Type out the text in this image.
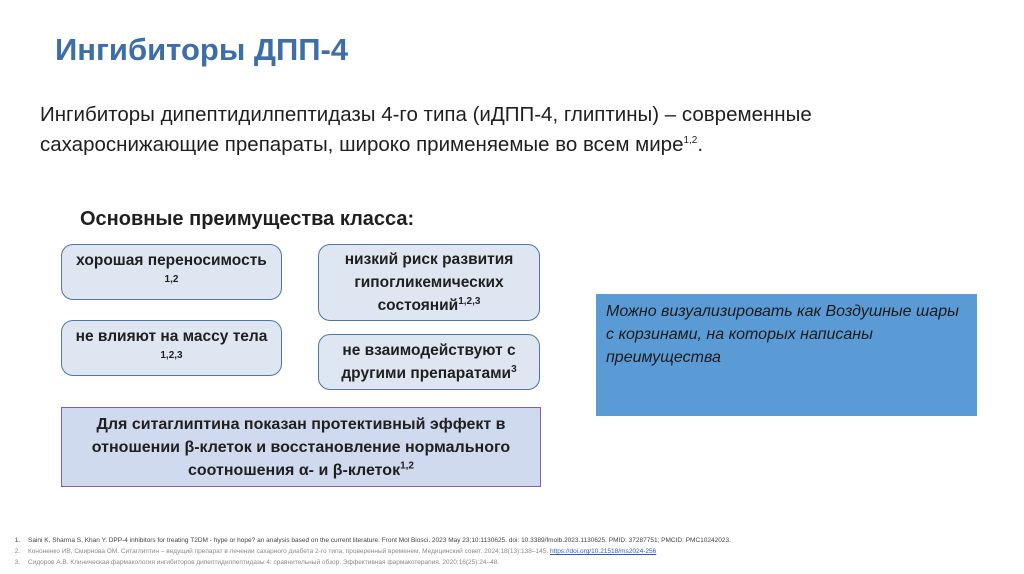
Ингибиторы ДПП-4
Ингибиторы дипептидилпептидазы 4-го типа (иДПП-4, глиптины) – современные
сахароснижающие препараты, широко применяемые во всем мире$^{1,2}$.
Основные преимущества класса:
хорошая переносимость $^{1,2}$
низкий риск развития гипогликемических состояний$^{1,2,3}$
не влияют на массу тела $^{1,2,3}$	не взаимодействуют с другими препаратами$^3$
Для ситаглиптина показан протективный эффект в отношении β-клеток и восстановление нормального соотношения α- и β-клеток$^{1,2}$
Можно визуализировать как Воздушные шары с корзинами, на которых написаны преимущества
1.	Saini K, Sharma S, Khan Y. DPP-4 inhibitors for treating T2DM - hype or hope? an analysis based on the current literature. Front Mol Biosci. 2023 May 23;10:1130625. doi: 10.3389/fmolb.2023.1130625. PMID: 37287751; PMCID: PMC10242023.
2.	Кононенко ИВ, Смирнова ОМ. Ситаглиптин – ведущий препарат в лечении сахарного диабета 2-го типа, проверенный временем. Медицинский совет. 2024;18(13):138–145. https://doi.org/10.21518/ms2024-256
3.	Сидоров А.В. Клиническая фармакология ингибиторов дипептидилпептидазы 4: сравнительный обзор. Эффективная фармакотерапия. 2020;16(25):24–48.
